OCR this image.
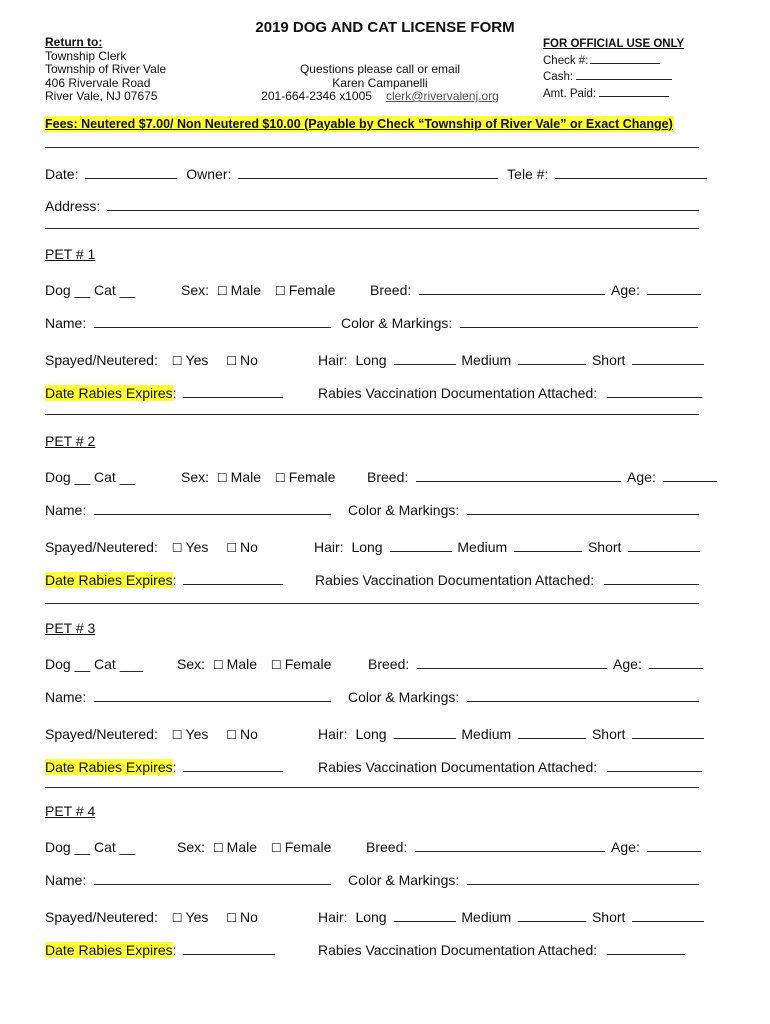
2019 DOG AND CAT LICENSE FORM
Return to:
Township Clerk
Township of River Vale
406 Rivervale Road
River Vale, NJ 07675
Questions please call or email
Karen Campanelli
201-664-2346 x1005 clerk@rivervalenj.org
FOR OFFICIAL USE ONLY
Check #:
Cash:
Amt. Paid:
Fees: Neutered $7.00/ Non Neutered $10.00 (Payable by Check “Township of River Vale” or Exact Change)
Date:	Owner:	Tele #:
Address:
PET # 1
Dog __ Cat __	Sex: ☐ Male ☐ Female Breed:	Age:
Name:	Color & Markings:
Spayed/Neutered: ☐ Yes ☐ No	Hair: Long	Medium	Short
Date Rabies Expires:	Rabies Vaccination Documentation Attached:
PET # 2
Dog __ Cat __	Sex: ☐ Male ☐ Female Breed:	Age:
Name:	Color & Markings:
Spayed/Neutered: ☐ Yes ☐ No	Hair: Long	Medium	Short
Date Rabies Expires:	Rabies Vaccination Documentation Attached:
PET # 3
Dog __ Cat ___ Sex: ☐ Male ☐ Female	Breed:	Age:
Name:	Color & Markings:
Spayed/Neutered: ☐ Yes ☐ No	Hair: Long	Medium	Short
Date Rabies Expires:	Rabies Vaccination Documentation Attached:
PET # 4
Dog __ Cat __	Sex: ☐ Male ☐ Female Breed:	Age:
Name:	Color & Markings:
Spayed/Neutered: ☐ Yes ☐ No	Hair: Long	Medium	Short
Date Rabies Expires:	Rabies Vaccination Documentation Attached:
